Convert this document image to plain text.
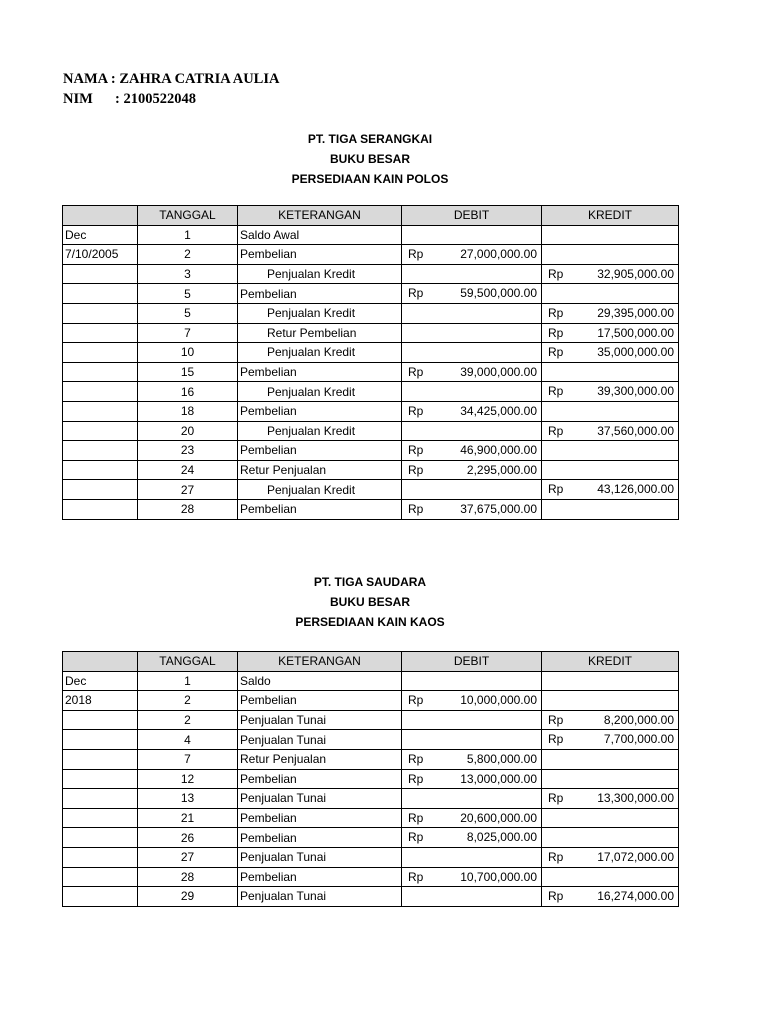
NAMA : ZAHRA CATRIA AULIA
NIM	: 2100522048
PT. TIGA SERANGKAI
BUKU BESAR
PERSEDIAAN KAIN POLOS
	TANGGAL	KETERANGAN	DEBIT	KREDIT
Dec	1	Saldo Awal		
7/10/2005	2	Pembelian	Rp 27,000,000.00	

	3	Penjualan Kredit		Rp 32,905,000.00

	5	Pembelian	Rp 59,500,000.00	

	5	Penjualan Kredit		Rp 29,395,000.00

	7	Retur Pembelian		Rp 17,500,000.00

	10	Penjualan Kredit		Rp 35,000,000.00

	15	Pembelian	Rp 39,000,000.00	

	16	Penjualan Kredit		Rp 39,300,000.00

	18	Pembelian	Rp 34,425,000.00	

	20	Penjualan Kredit		Rp 37,560,000.00

	23	Pembelian	Rp 46,900,000.00	

	24	Retur Penjualan	Rp 2,295,000.00	

	27	Penjualan Kredit		Rp 43,126,000.00

	28	Pembelian	Rp 37,675,000.00	

PT. TIGA SAUDARA
BUKU BESAR
PERSEDIAAN KAIN KAOS
	TANGGAL	KETERANGAN	DEBIT	KREDIT
Dec	1	Saldo		
2018	2	Pembelian	Rp 10,000,000.00	

	2	Penjualan Tunai		Rp 8,200,000.00

	4	Penjualan Tunai		Rp 7,700,000.00

	7	Retur Penjualan	Rp 5,800,000.00	

	12	Pembelian	Rp 13,000,000.00	

	13	Penjualan Tunai		Rp 13,300,000.00

	21	Pembelian	Rp 20,600,000.00	

	26	Pembelian	Rp 8,025,000.00	

	27	Penjualan Tunai		Rp 17,072,000.00

	28	Pembelian	Rp 10,700,000.00	

	29	Penjualan Tunai		Rp 16,274,000.00
